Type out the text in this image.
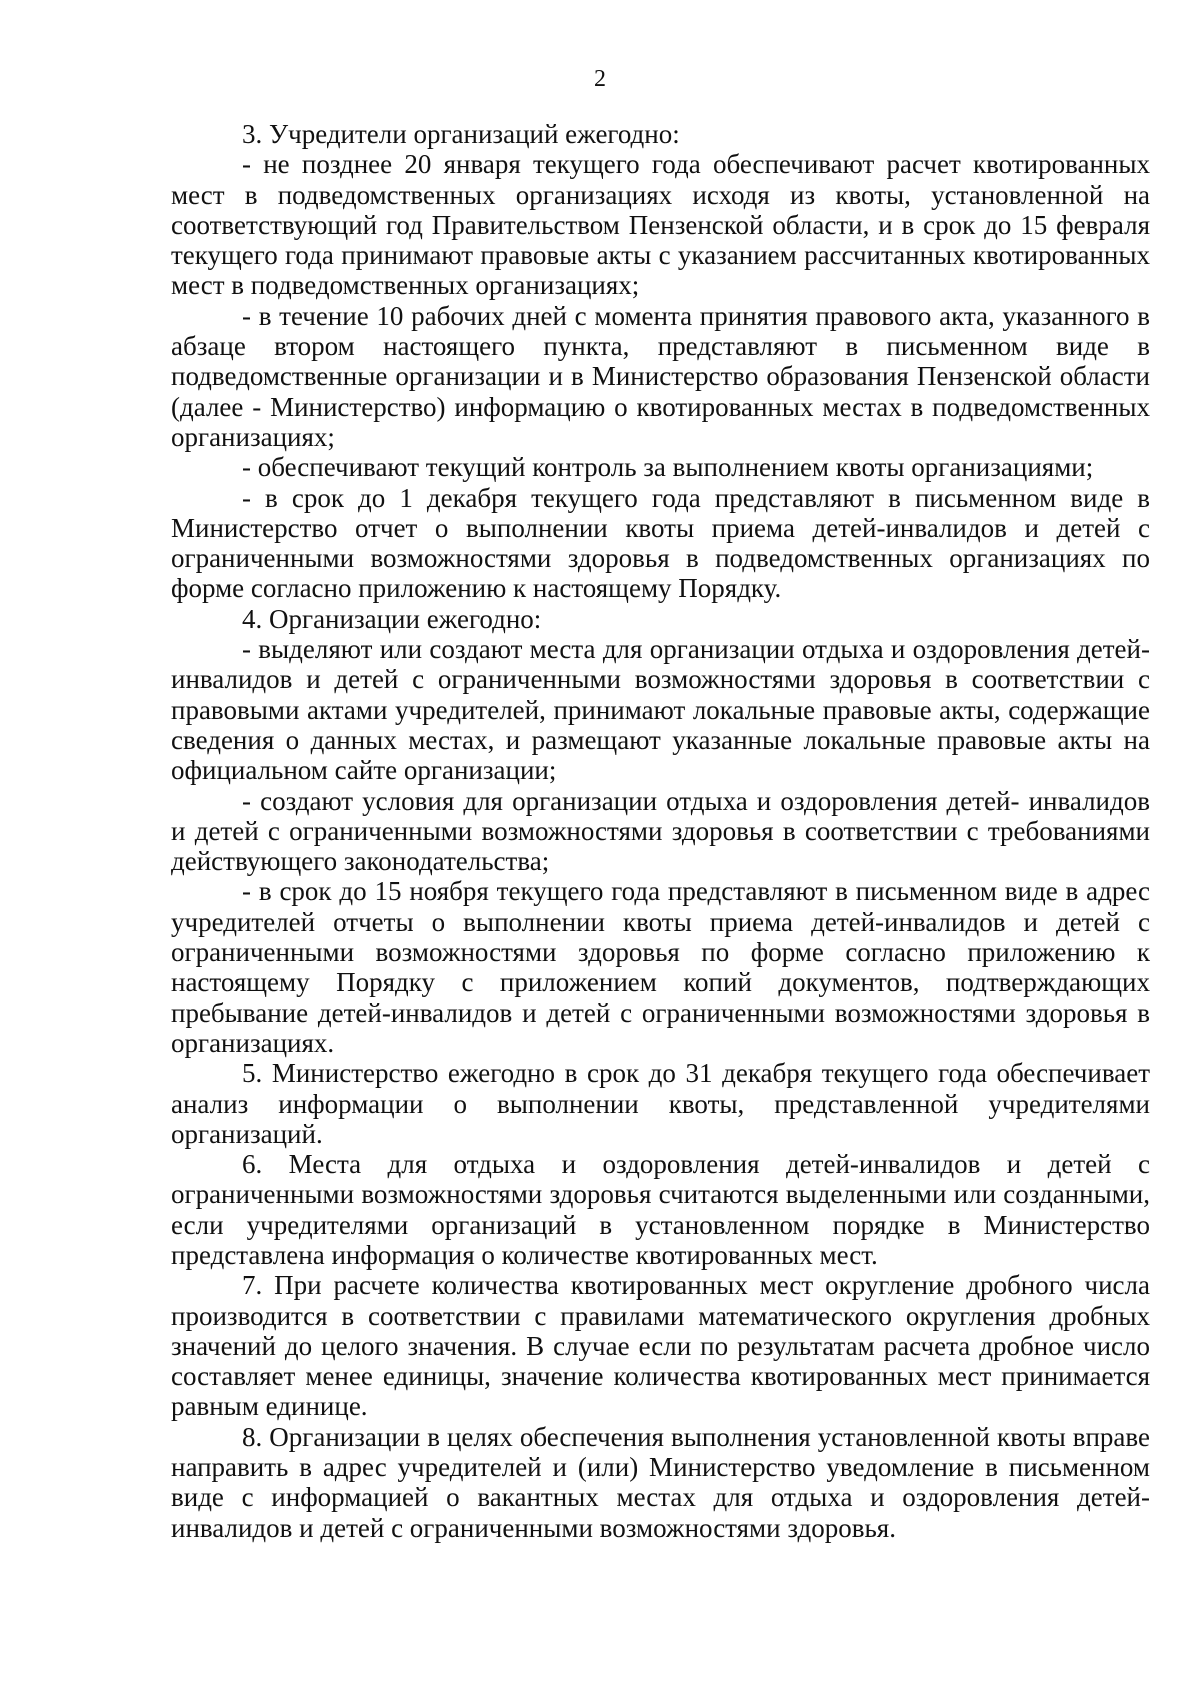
2

3. Учредители организаций ежегодно:

- не позднее 20 января текущего года обеспечивают расчет квотированных мест в подведомственных организациях исходя из квоты, установленной на соответствующий год Правительством Пензенской области, и в срок до 15 февраля текущего года принимают правовые акты с указанием рассчитанных квотированных мест в подведомственных организациях;

- в течение 10 рабочих дней с момента принятия правового акта, указанного в абзаце втором настоящего пункта, представляют в письменном виде в подведомственные организации и в Министерство образования Пензенской области (далее - Министерство) информацию о квотированных местах в подведомственных организациях;

- обеспечивают текущий контроль за выполнением квоты организациями;

- в срок до 1 декабря текущего года представляют в письменном виде в Министерство отчет о выполнении квоты приема детей-инвалидов и детей с ограниченными возможностями здоровья в подведомственных организациях по форме согласно приложению к настоящему Порядку.

4. Организации ежегодно:

- выделяют или создают места для организации отдыха и оздоровления детей-инвалидов и детей с ограниченными возможностями здоровья в соответствии с правовыми актами учредителей, принимают локальные правовые акты, содержащие сведения о данных местах, и размещают указанные локальные правовые акты на официальном сайте организации;

- создают условия для организации отдыха и оздоровления детей- инвалидов и детей с ограниченными возможностями здоровья в соответствии с требованиями действующего законодательства;

- в срок до 15 ноября текущего года представляют в письменном виде в адрес учредителей отчеты о выполнении квоты приема детей-инвалидов и детей с ограниченными возможностями здоровья по форме согласно приложению к настоящему Порядку с приложением копий документов, подтверждающих пребывание детей-инвалидов и детей с ограниченными возможностями здоровья в организациях.

5. Министерство ежегодно в срок до 31 декабря текущего года обеспечивает анализ информации о выполнении квоты, представленной учредителями организаций.

6. Места для отдыха и оздоровления детей-инвалидов и детей с ограниченными возможностями здоровья считаются выделенными или созданными, если учредителями организаций в установленном порядке в Министерство представлена информация о количестве квотированных мест.

7. При расчете количества квотированных мест округление дробного числа производится в соответствии с правилами математического округления дробных значений до целого значения. В случае если по результатам расчета дробное число составляет менее единицы, значение количества квотированных мест принимается равным единице.

8. Организации в целях обеспечения выполнения установленной квоты вправе направить в адрес учредителей и (или) Министерство уведомление в письменном виде с информацией о вакантных местах для отдыха и оздоровления детей-инвалидов и детей с ограниченными возможностями здоровья.
